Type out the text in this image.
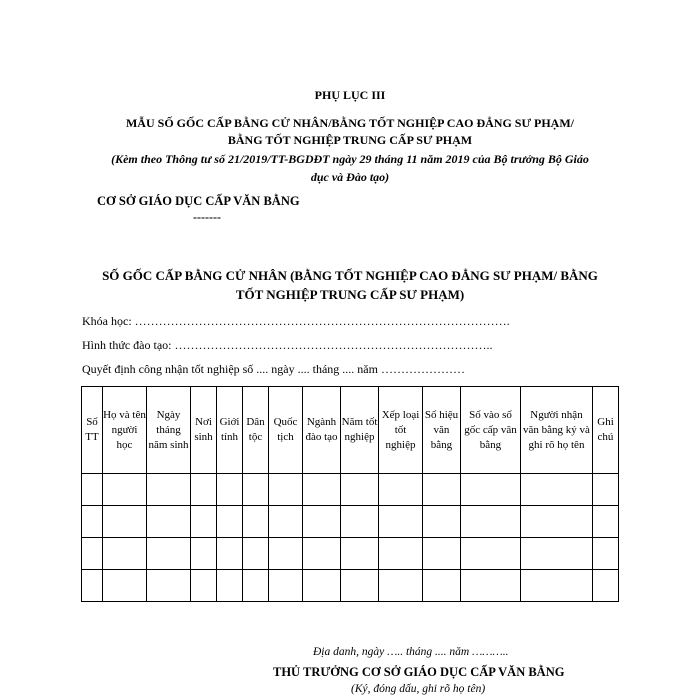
PHỤ LỤC III
MẪU SỐ GỐC CẤP BẰNG CỬ NHÂN/BẰNG TỐT NGHIỆP CAO ĐẲNG SƯ PHẠM/
BẰNG TỐT NGHIỆP TRUNG CẤP SƯ PHẠM
(Kèm theo Thông tư số 21/2019/TT-BGDĐT ngày 29 tháng 11 năm 2019 của Bộ trưởng Bộ Giáo
dục và Đào tạo)
CƠ SỞ GIÁO DỤC CẤP VĂN BẰNG
-------
SỐ GỐC CẤP BẰNG CỬ NHÂN (BẰNG TỐT NGHIỆP CAO ĐẲNG SƯ PHẠM/ BẰNG
TỐT NGHIỆP TRUNG CẤP SƯ PHẠM)
Khóa học: ………………………………………………………………………………….
Hình thức đào tạo: ……………………………………………………………………..
Quyết định công nhận tốt nghiệp số .... ngày .... tháng .... năm …………………
Số TT	Họ và tên người học	Ngày tháng năm sinh	Nơi sinh	Giới tính	Dân tộc	Quốc tịch	Ngành đào tạo	Năm tốt nghiệp	Xếp loại tốt nghiệp	Số hiệu văn bằng	Số vào số gốc cấp văn bằng	Người nhận văn bằng ký và ghi rõ họ tên	Ghi chú

Địa danh, ngày ….. tháng .... năm ………..
THỦ TRƯỞNG CƠ SỞ GIÁO DỤC CẤP VĂN BẰNG
(Ký, đóng dấu, ghi rõ họ tên)
